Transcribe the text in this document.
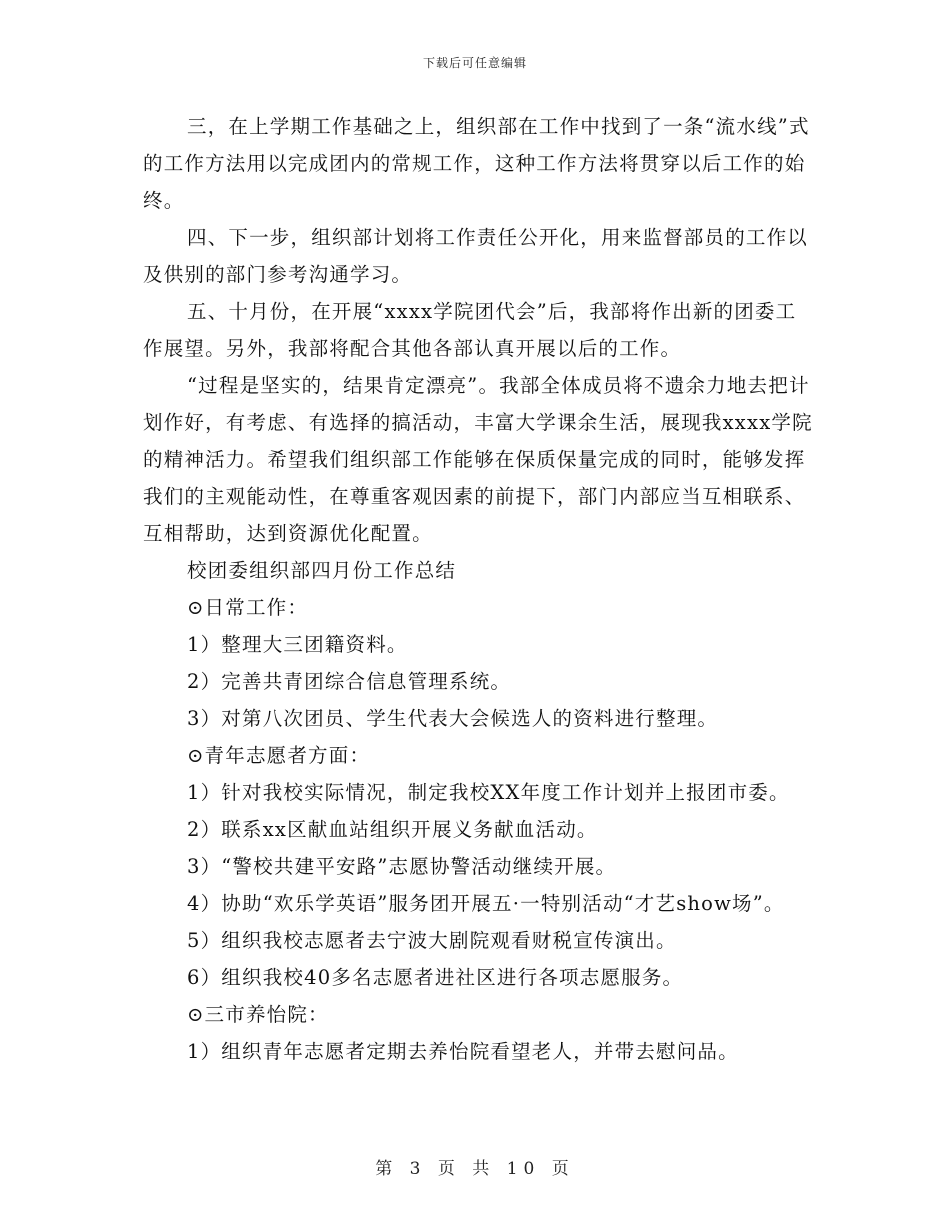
下载后可任意编辑

三，在上学期工作基础之上，组织部在工作中找到了一条“流水线”式的工作方法用以完成团内的常规工作，这种工作方法将贯穿以后工作的始终。

四、下一步，组织部计划将工作责任公开化，用来监督部员的工作以及供别的部门参考沟通学习。

五、十月份，在开展“xxxx学院团代会”后，我部将作出新的团委工作展望。另外，我部将配合其他各部认真开展以后的工作。

“过程是坚实的，结果肯定漂亮”。我部全体成员将不遗余力地去把计划作好，有考虑、有选择的搞活动，丰富大学课余生活，展现我xxxx学院的精神活力。希望我们组织部工作能够在保质保量完成的同时，能够发挥我们的主观能动性，在尊重客观因素的前提下，部门内部应当互相联系、互相帮助，达到资源优化配置。

校团委组织部四月份工作总结

⊙日常工作：

1）整理大三团籍资料。

2）完善共青团综合信息管理系统。

3）对第八次团员、学生代表大会候选人的资料进行整理。

⊙青年志愿者方面：

1）针对我校实际情况，制定我校XX年度工作计划并上报团市委。

2）联系xx区献血站组织开展义务献血活动。

3）“警校共建平安路”志愿协警活动继续开展。

4）协助“欢乐学英语”服务团开展五·一特别活动“才艺show场”。

5）组织我校志愿者去宁波大剧院观看财税宣传演出。

6）组织我校40多名志愿者进社区进行各项志愿服务。

⊙三市养怡院：

1）组织青年志愿者定期去养怡院看望老人，并带去慰问品。

第 3 页 共 10 页
